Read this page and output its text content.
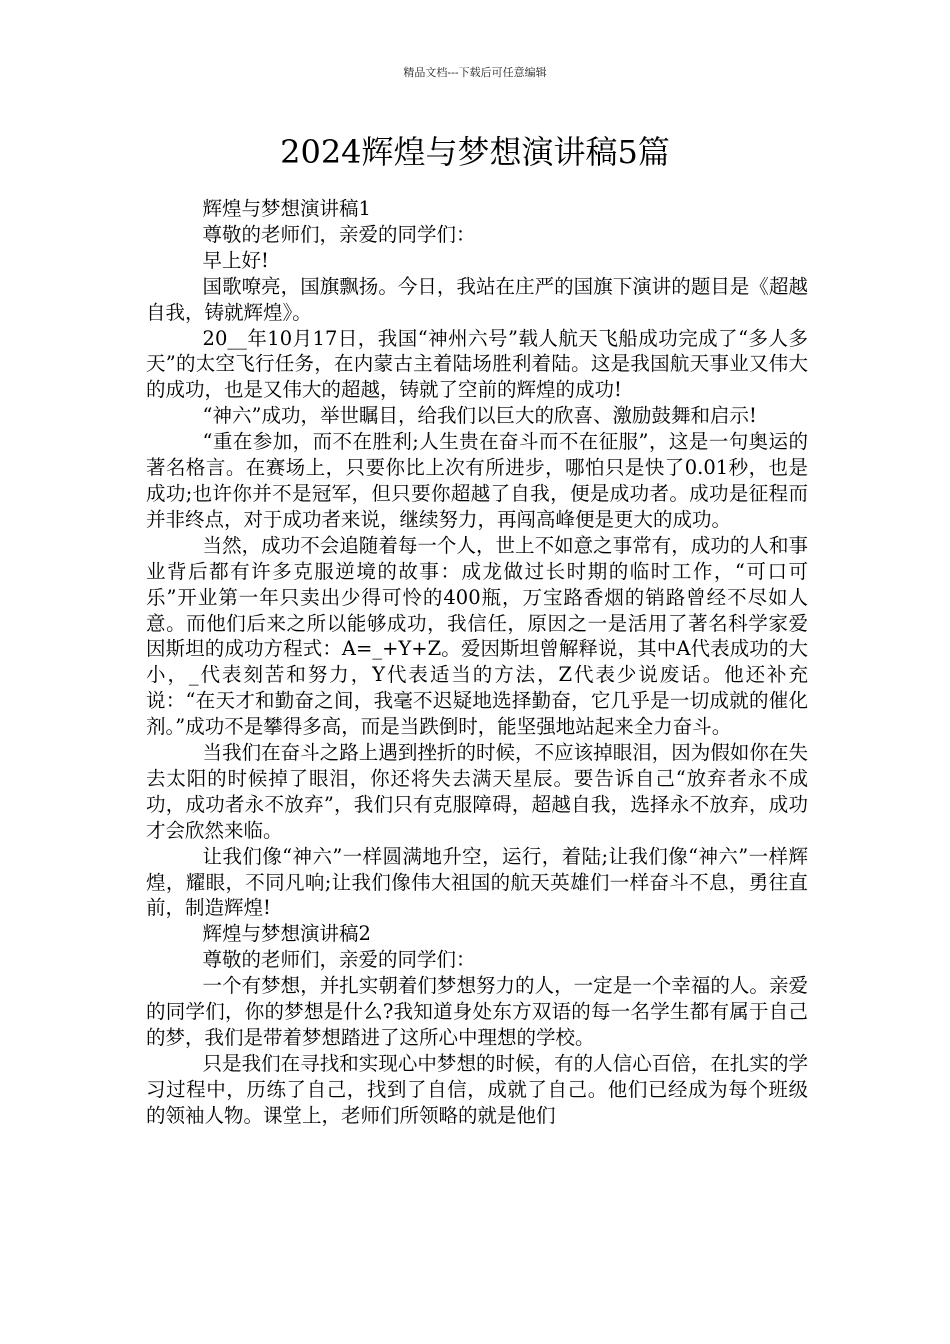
精品文档---下载后可任意编辑
2024辉煌与梦想演讲稿5篇

辉煌与梦想演讲稿1

尊敬的老师们，亲爱的同学们：

早上好!

国歌嘹亮，国旗飘扬。今日，我站在庄严的国旗下演讲的题目是《超越自我，铸就辉煌》。

20__年10月17日，我国“神州六号”载人航天飞船成功完成了“多人多天”的太空飞行任务，在内蒙古主着陆场胜利着陆。这是我国航天事业又伟大的成功，也是又伟大的超越，铸就了空前的辉煌的成功!

“神六”成功，举世瞩目，给我们以巨大的欣喜、激励鼓舞和启示!

“重在参加，而不在胜利;人生贵在奋斗而不在征服”，这是一句奥运的著名格言。在赛场上，只要你比上次有所进步，哪怕只是快了0.01秒，也是成功;也许你并不是冠军，但只要你超越了自我，便是成功者。成功是征程而并非终点，对于成功者来说，继续努力，再闯高峰便是更大的成功。

当然，成功不会追随着每一个人，世上不如意之事常有，成功的人和事业背后都有许多克服逆境的故事：成龙做过长时期的临时工作，“可口可乐”开业第一年只卖出少得可怜的400瓶，万宝路香烟的销路曾经不尽如人意。而他们后来之所以能够成功，我信任，原因之一是活用了著名科学家爱因斯坦的成功方程式：A=_+Y+Z。爱因斯坦曾解释说，其中A代表成功的大小，_代表刻苦和努力，Y代表适当的方法，Z代表少说废话。他还补充说：“在天才和勤奋之间，我毫不迟疑地选择勤奋，它几乎是一切成就的催化剂。”成功不是攀得多高，而是当跌倒时，能坚强地站起来全力奋斗。

当我们在奋斗之路上遇到挫折的时候，不应该掉眼泪，因为假如你在失去太阳的时候掉了眼泪，你还将失去满天星辰。要告诉自己“放弃者永不成功，成功者永不放弃”，我们只有克服障碍，超越自我，选择永不放弃，成功才会欣然来临。

让我们像“神六”一样圆满地升空，运行，着陆;让我们像“神六”一样辉煌，耀眼，不同凡响;让我们像伟大祖国的航天英雄们一样奋斗不息，勇往直前，制造辉煌!

辉煌与梦想演讲稿2

尊敬的老师们，亲爱的同学们：

一个有梦想，并扎实朝着们梦想努力的人，一定是一个幸福的人。亲爱的同学们，你的梦想是什么?我知道身处东方双语的每一名学生都有属于自己的梦，我们是带着梦想踏进了这所心中理想的学校。

只是我们在寻找和实现心中梦想的时候，有的人信心百倍，在扎实的学习过程中，历练了自己，找到了自信，成就了自己。他们已经成为每个班级的领袖人物。课堂上，老师们所领略的就是他们
